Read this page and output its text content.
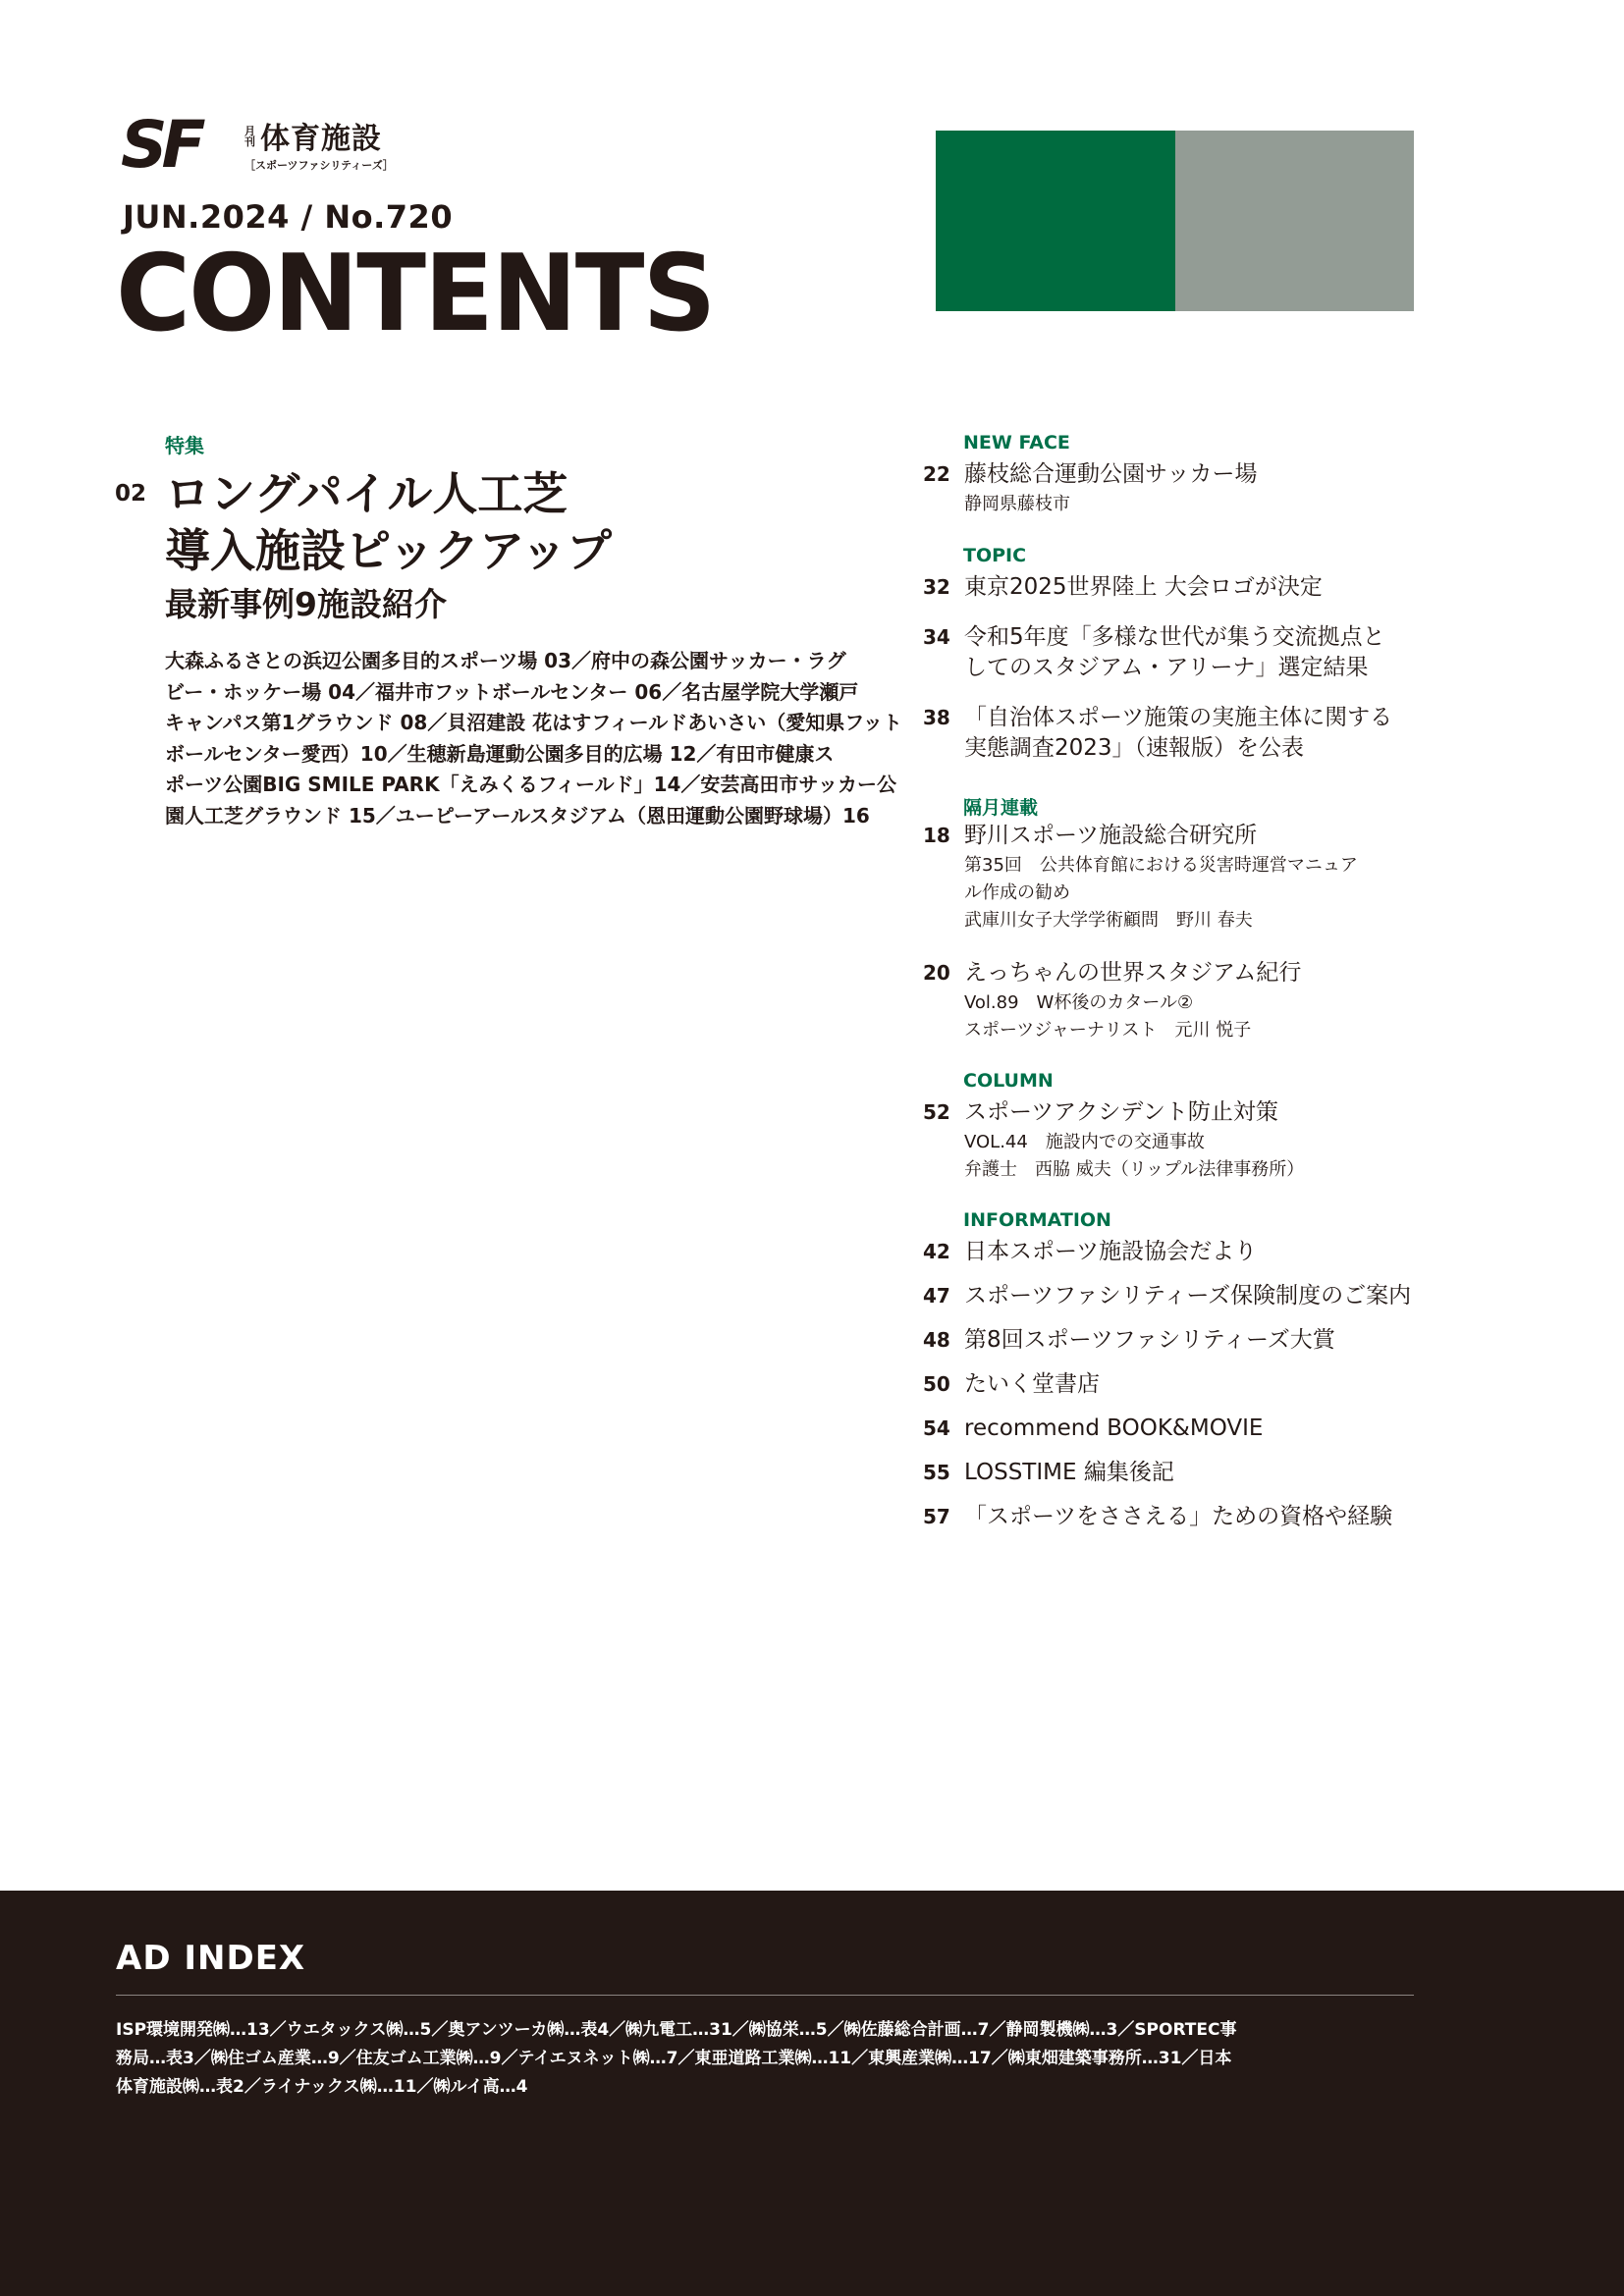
SF	月刊 体育施設
［スポーツファシリティーズ］
JUN.2024 / No.720
CONTENTS
特集
02 ロングパイル人工芝
導入施設ピックアップ
最新事例9施設紹介
大森ふるさとの浜辺公園多目的スポーツ場 03／府中の森公園サッカー・ラグ
ビー・ホッケー場 04／福井市フットボールセンター 06／名古屋学院大学瀬戸
キャンパス第1グラウンド 08／貝沼建設 花はすフィールドあいさい（愛知県フット
ボールセンター愛西）10／生穂新島運動公園多目的広場 12／有田市健康ス
ポーツ公園BIG SMILE PARK「えみくるフィールド」14／安芸高田市サッカー公
園人工芝グラウンド 15／ユーピーアールスタジアム（恩田運動公園野球場）16
NEW FACE
22 藤枝総合運動公園サッカー場
静岡県藤枝市
TOPIC
32 東京2025世界陸上 大会ロゴが決定
34 令和5年度「多様な世代が集う交流拠点と
してのスタジアム・アリーナ」選定結果
38 「自治体スポーツ施策の実施主体に関する
実態調査2023」（速報版）を公表
隔月連載
18 野川スポーツ施設総合研究所
第35回　公共体育館における災害時運営マニュア
ル作成の勧め
武庫川女子大学学術顧問　野川 春夫
20 えっちゃんの世界スタジアム紀行
Vol.89　W杯後のカタール②
スポーツジャーナリスト　元川 悦子
COLUMN
52 スポーツアクシデント防止対策
VOL.44　施設内での交通事故
弁護士　西脇 威夫（リップル法律事務所）
INFORMATION
42 日本スポーツ施設協会だより
47 スポーツファシリティーズ保険制度のご案内
48 第8回スポーツファシリティーズ大賞
50 たいく堂書店
54 recommend BOOK&MOVIE
55 LOSSTIME 編集後記
57 「スポーツをささえる」ための資格や経験
AD INDEX
ISP環境開発㈱…13／ウエタックス㈱…5／奥アンツーカ㈱…表4／㈱九電工…31／㈱協栄…5／㈱佐藤総合計画…7／静岡製機㈱…3／SPORTEC事
務局…表3／㈱住ゴム産業…9／住友ゴム工業㈱…9／テイエヌネット㈱…7／東亜道路工業㈱…11／東興産業㈱…17／㈱東畑建築事務所…31／日本
体育施設㈱…表2／ライナックス㈱…11／㈱ルイ高…4
